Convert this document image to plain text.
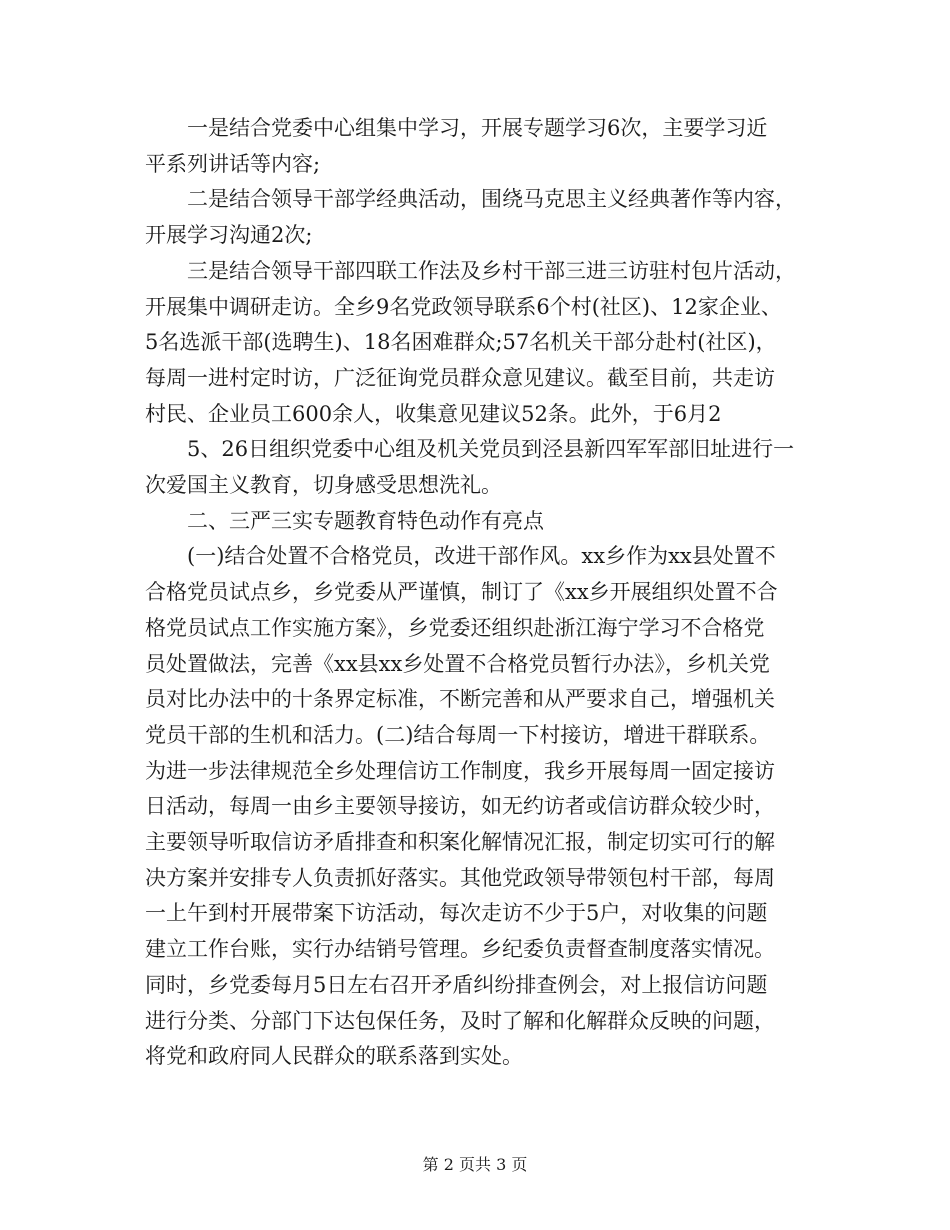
　　一是结合党委中心组集中学习，开展专题学习6次，主要学习近
平系列讲话等内容;
　　二是结合领导干部学经典活动，围绕马克思主义经典著作等内容，
开展学习沟通2次;
　　三是结合领导干部四联工作法及乡村干部三进三访驻村包片活动，
开展集中调研走访。全乡9名党政领导联系6个村(社区)、12家企业、
5名选派干部(选聘生)、18名困难群众;57名机关干部分赴村(社区)，
每周一进村定时访，广泛征询党员群众意见建议。截至目前，共走访
村民、企业员工600余人，收集意见建议52条。此外，于6月2
　　5、26日组织党委中心组及机关党员到泾县新四军军部旧址进行一
次爱国主义教育，切身感受思想洗礼。
　　二、三严三实专题教育特色动作有亮点
　　(一)结合处置不合格党员，改进干部作风。xx乡作为xx县处置不
合格党员试点乡，乡党委从严谨慎，制订了《xx乡开展组织处置不合
格党员试点工作实施方案》，乡党委还组织赴浙江海宁学习不合格党
员处置做法，完善《xx县xx乡处置不合格党员暂行办法》，乡机关党
员对比办法中的十条界定标准，不断完善和从严要求自己，增强机关
党员干部的生机和活力。(二)结合每周一下村接访，增进干群联系。
为进一步法律规范全乡处理信访工作制度，我乡开展每周一固定接访
日活动，每周一由乡主要领导接访，如无约访者或信访群众较少时，
主要领导听取信访矛盾排查和积案化解情况汇报，制定切实可行的解
决方案并安排专人负责抓好落实。其他党政领导带领包村干部，每周
一上午到村开展带案下访活动，每次走访不少于5户，对收集的问题
建立工作台账，实行办结销号管理。乡纪委负责督查制度落实情况。
同时，乡党委每月5日左右召开矛盾纠纷排查例会，对上报信访问题
进行分类、分部门下达包保任务，及时了解和化解群众反映的问题，
将党和政府同人民群众的联系落到实处。
第 2 页共 3 页
